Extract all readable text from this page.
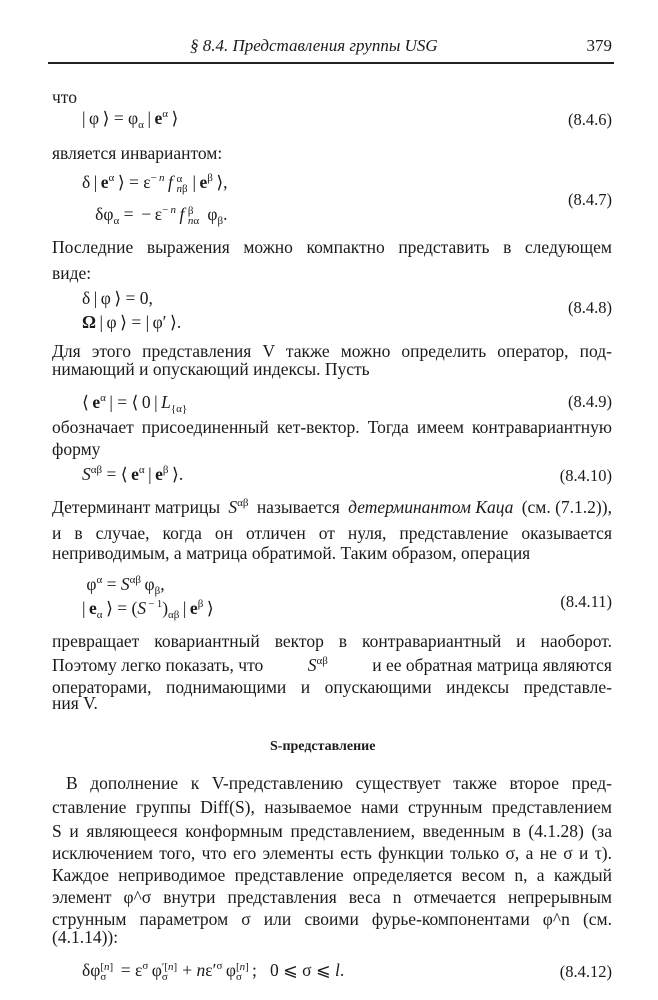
§ 8.4. Представления группы USG	379
что
| φ ⟩ = $\varphi_\alpha$ | $e^\alpha$ ⟩	(8.4.6)
является инвариантом:
δ | $e^\alpha$ ⟩ = $\varepsilon^{- n}$  f  α
nβ | $e^\beta$ ⟩,
$\delta\varphi_\alpha$ =  − $\varepsilon^{- n}$  f  β
nα  $\varphi_\beta$.
(8.4.7)
Последние выражения можно компактно представить в следующем
виде:
δ | φ ⟩ = 0,
Ω | φ ⟩ = | φ′ ⟩.
(8.4.8)
Для этого представления V также можно определить оператор, под-
нимающий и опускающий индексы. Пусть
⟨ $e^\alpha$ | = ⟨ 0 | $L_{\{\alpha\}}$	(8.4.9)
обозначает присоединенный кет-вектор. Тогда имеем контравариантную
форму
$S^{\alpha\beta}$ = ⟨ $e^\alpha$ | $e^\beta$ ⟩.	(8.4.10)
Детерминант матрицы $S^{\alpha\beta}$ называется детерминантом Каца (см. (7.1.2)),
и в случае, когда он отличен от нуля, представление оказывается
неприводимым, а матрица обратимой. Таким образом, операция
$\varphi^\alpha = S^{\alpha\beta}$ $\varphi_\beta$,
| $e_\alpha$ ⟩ = (S $^{- 1})_{\alpha\beta}$ | $e^\beta$ ⟩	(8.4.11)
превращает ковариантный вектор в контравариантный и наоборот.
Поэтому легко показать, что	$S^{\alpha\beta}$	и ее обратная матрица являются
операторами, поднимающими и опускающими индексы представле-
ния V.
S-представление
В дополнение к V-представлению существует также второе пред-
ставление группы Diff(S), называемое нами струнным представлением
S и являющееся конформным представлением, введенным в (4.1.28) (за
исключением того, что его элементы есть функции только σ, а не σ и τ).
Каждое неприводимое представление определяется весом n, а каждый
элемент φ^σ внутри представления веса n отмечается непрерывным
струнным параметром σ или своими фурье-компонентами φ^n (см.
(4.1.14)):
δφ [n]
$\sigma = \varepsilon^\sigma$ φ ′[n]
$\sigma + n\varepsilon'^\sigma$ φ [n]
σ ;   0 ⩽ σ ⩽ l.	(8.4.12)
